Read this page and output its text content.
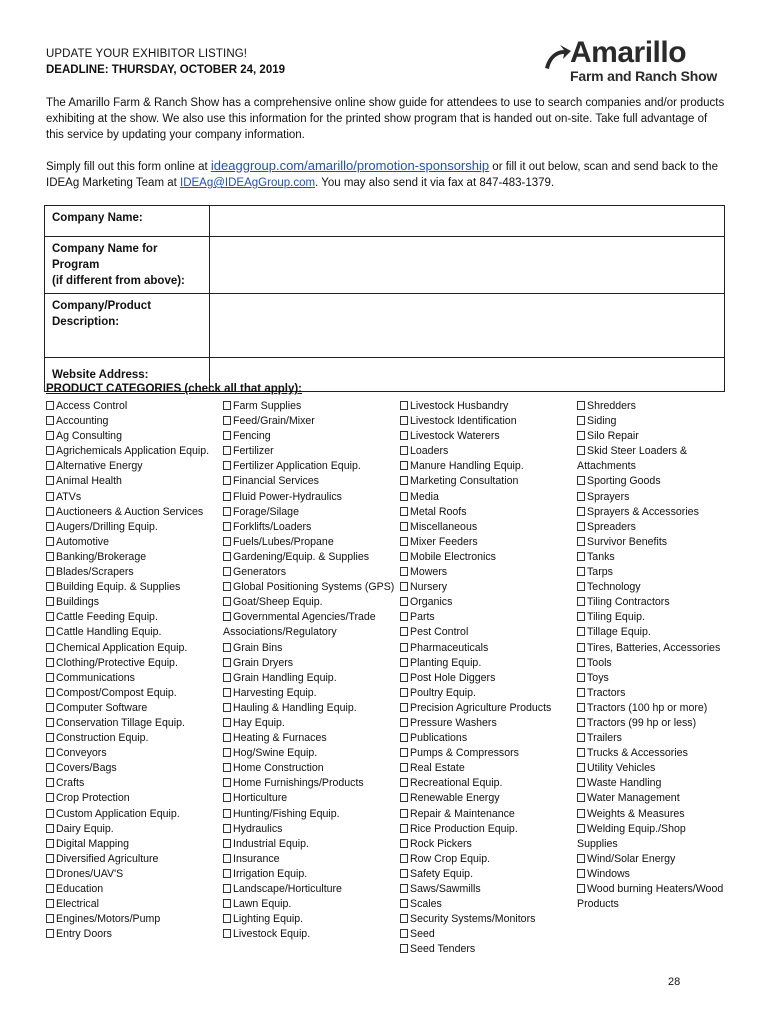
UPDATE YOUR EXHIBITOR LISTING!
DEADLINE: THURSDAY, OCTOBER 24, 2019
Amarillo
Farm and Ranch Show
The Amarillo Farm & Ranch Show has a comprehensive online show guide for attendees to use to search companies and/or products exhibiting at the show. We also use this information for the printed show program that is handed out on-site. Take full advantage of this service by updating your company information.
Simply fill out this form online at ideaggroup.com/amarillo/promotion-sponsorship or fill it out below, scan and send back to the IDEAg Marketing Team at IDEAg@IDEAgGroup.com. You may also send it via fax at 847-483-1379.
Company Name:	

Company Name for Program
(if different from above):	

Company/Product
Description:	

Website Address:	
PRODUCT CATEGORIES (check all that apply):
Access Control
Accounting
Ag Consulting
Agrichemicals Application Equip.
Alternative Energy
Animal Health
ATVs
Auctioneers & Auction Services
Augers/Drilling Equip.
Automotive
Banking/Brokerage
Blades/Scrapers
Building Equip. & Supplies
Buildings
Cattle Feeding Equip.
Cattle Handling Equip.
Chemical Application Equip.
Clothing/Protective Equip.
Communications
Compost/Compost Equip.
Computer Software
Conservation Tillage Equip.
Construction Equip.
Conveyors
Covers/Bags
Crafts
Crop Protection
Custom Application Equip.
Dairy Equip.
Digital Mapping
Diversified Agriculture
Drones/UAV'S
Education
Electrical
Engines/Motors/Pump
Entry Doors
Farm Supplies
Feed/Grain/Mixer
Fencing
Fertilizer
Fertilizer Application Equip.
Financial Services
Fluid Power-Hydraulics
Forage/Silage
Forklifts/Loaders
Fuels/Lubes/Propane
Gardening/Equip. & Supplies
Generators
Global Positioning Systems (GPS)
Goat/Sheep Equip.
Governmental Agencies/Trade Associations/Regulatory
Grain Bins
Grain Dryers
Grain Handling Equip.
Harvesting Equip.
Hauling & Handling Equip.
Hay Equip.
Heating & Furnaces
Hog/Swine Equip.
Home Construction
Home Furnishings/Products
Horticulture
Hunting/Fishing Equip.
Hydraulics
Industrial Equip.
Insurance
Irrigation Equip.
Landscape/Horticulture
Lawn Equip.
Lighting Equip.
Livestock Equip.
Livestock Husbandry
Livestock Identification
Livestock Waterers
Loaders
Manure Handling Equip.
Marketing Consultation
Media
Metal Roofs
Miscellaneous
Mixer Feeders
Mobile Electronics
Mowers
Nursery
Organics
Parts
Pest Control
Pharmaceuticals
Planting Equip.
Post Hole Diggers
Poultry Equip.
Precision Agriculture Products
Pressure Washers
Publications
Pumps & Compressors
Real Estate
Recreational Equip.
Renewable Energy
Repair & Maintenance
Rice Production Equip.
Rock Pickers
Row Crop Equip.
Safety Equip.
Saws/Sawmills
Scales
Security Systems/Monitors
Seed
Seed Tenders
Shredders
Siding
Silo Repair
Skid Steer Loaders & Attachments
Sporting Goods
Sprayers
Sprayers & Accessories
Spreaders
Survivor Benefits
Tanks
Tarps
Technology
Tiling Contractors
Tiling Equip.
Tillage Equip.
Tires, Batteries, Accessories
Tools
Toys
Tractors
Tractors (100 hp or more)
Tractors (99 hp or less)
Trailers
Trucks & Accessories
Utility Vehicles
Waste Handling
Water Management
Weights & Measures
Welding Equip./Shop Supplies
Wind/Solar Energy
Windows
Wood burning Heaters/Wood Products
28
